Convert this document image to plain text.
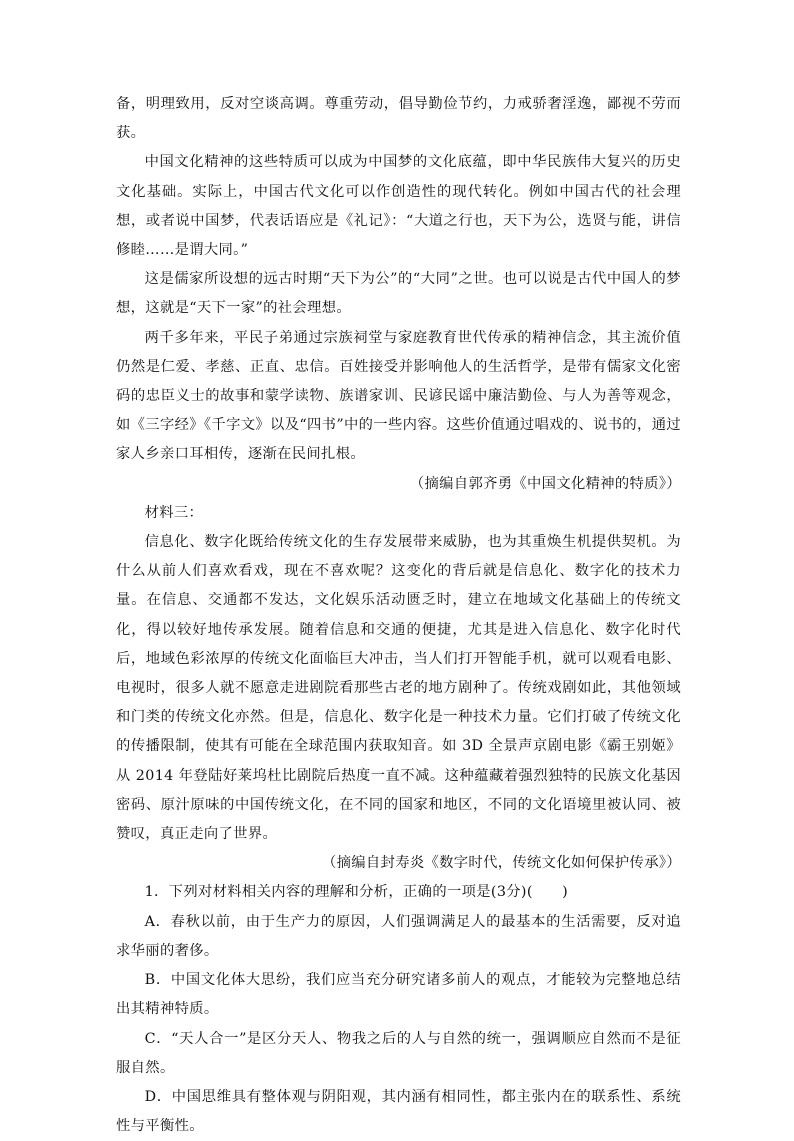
备，明理致用，反对空谈高调。尊重劳动，倡导勤俭节约，力戒骄奢淫逸，鄙视不劳而获。

中国文化精神的这些特质可以成为中国梦的文化底蕴，即中华民族伟大复兴的历史文化基础。实际上，中国古代文化可以作创造性的现代转化。例如中国古代的社会理想，或者说中国梦，代表话语应是《礼记》：“大道之行也，天下为公，选贤与能，讲信修睦……是谓大同。”

这是儒家所设想的远古时期“天下为公”的“大同”之世。也可以说是古代中国人的梦想，这就是“天下一家”的社会理想。

两千多年来，平民子弟通过宗族祠堂与家庭教育世代传承的精神信念，其主流价值仍然是仁爱、孝慈、正直、忠信。百姓接受并影响他人的生活哲学，是带有儒家文化密码的忠臣义士的故事和蒙学读物、族谱家训、民谚民谣中廉洁勤俭、与人为善等观念，如《三字经》《千字文》以及“四书”中的一些内容。这些价值通过唱戏的、说书的，通过家人乡亲口耳相传，逐渐在民间扎根。

（摘编自郭齐勇《中国文化精神的特质》）

材料三：

信息化、数字化既给传统文化的生存发展带来威胁，也为其重焕生机提供契机。为什么从前人们喜欢看戏，现在不喜欢呢？这变化的背后就是信息化、数字化的技术力量。在信息、交通都不发达，文化娱乐活动匮乏时，建立在地域文化基础上的传统文化，得以较好地传承发展。随着信息和交通的便捷，尤其是进入信息化、数字化时代后，地域色彩浓厚的传统文化面临巨大冲击，当人们打开智能手机，就可以观看电影、电视时，很多人就不愿意走进剧院看那些古老的地方剧种了。传统戏剧如此，其他领域和门类的传统文化亦然。但是，信息化、数字化是一种技术力量。它们打破了传统文化的传播限制，使其有可能在全球范围内获取知音。如 3D 全景声京剧电影《霸王别姬》从 2014 年登陆好莱坞杜比剧院后热度一直不减。这种蕴藏着强烈独特的民族文化基因密码、原汁原味的中国传统文化，在不同的国家和地区，不同的文化语境里被认同、被赞叹，真正走向了世界。

（摘编自封寿炎《数字时代，传统文化如何保护传承》）

1．下列对材料相关内容的理解和分析，正确的一项是(3分)(　　)

A．春秋以前，由于生产力的原因，人们强调满足人的最基本的生活需要，反对追求华丽的奢侈。

B．中国文化体大思纷，我们应当充分研究诸多前人的观点，才能较为完整地总结出其精神特质。

C．“天人合一”是区分天人、物我之后的人与自然的统一，强调顺应自然而不是征服自然。

D．中国思维具有整体观与阴阳观，其内涵有相同性，都主张内在的联系性、系统性与平衡性。
